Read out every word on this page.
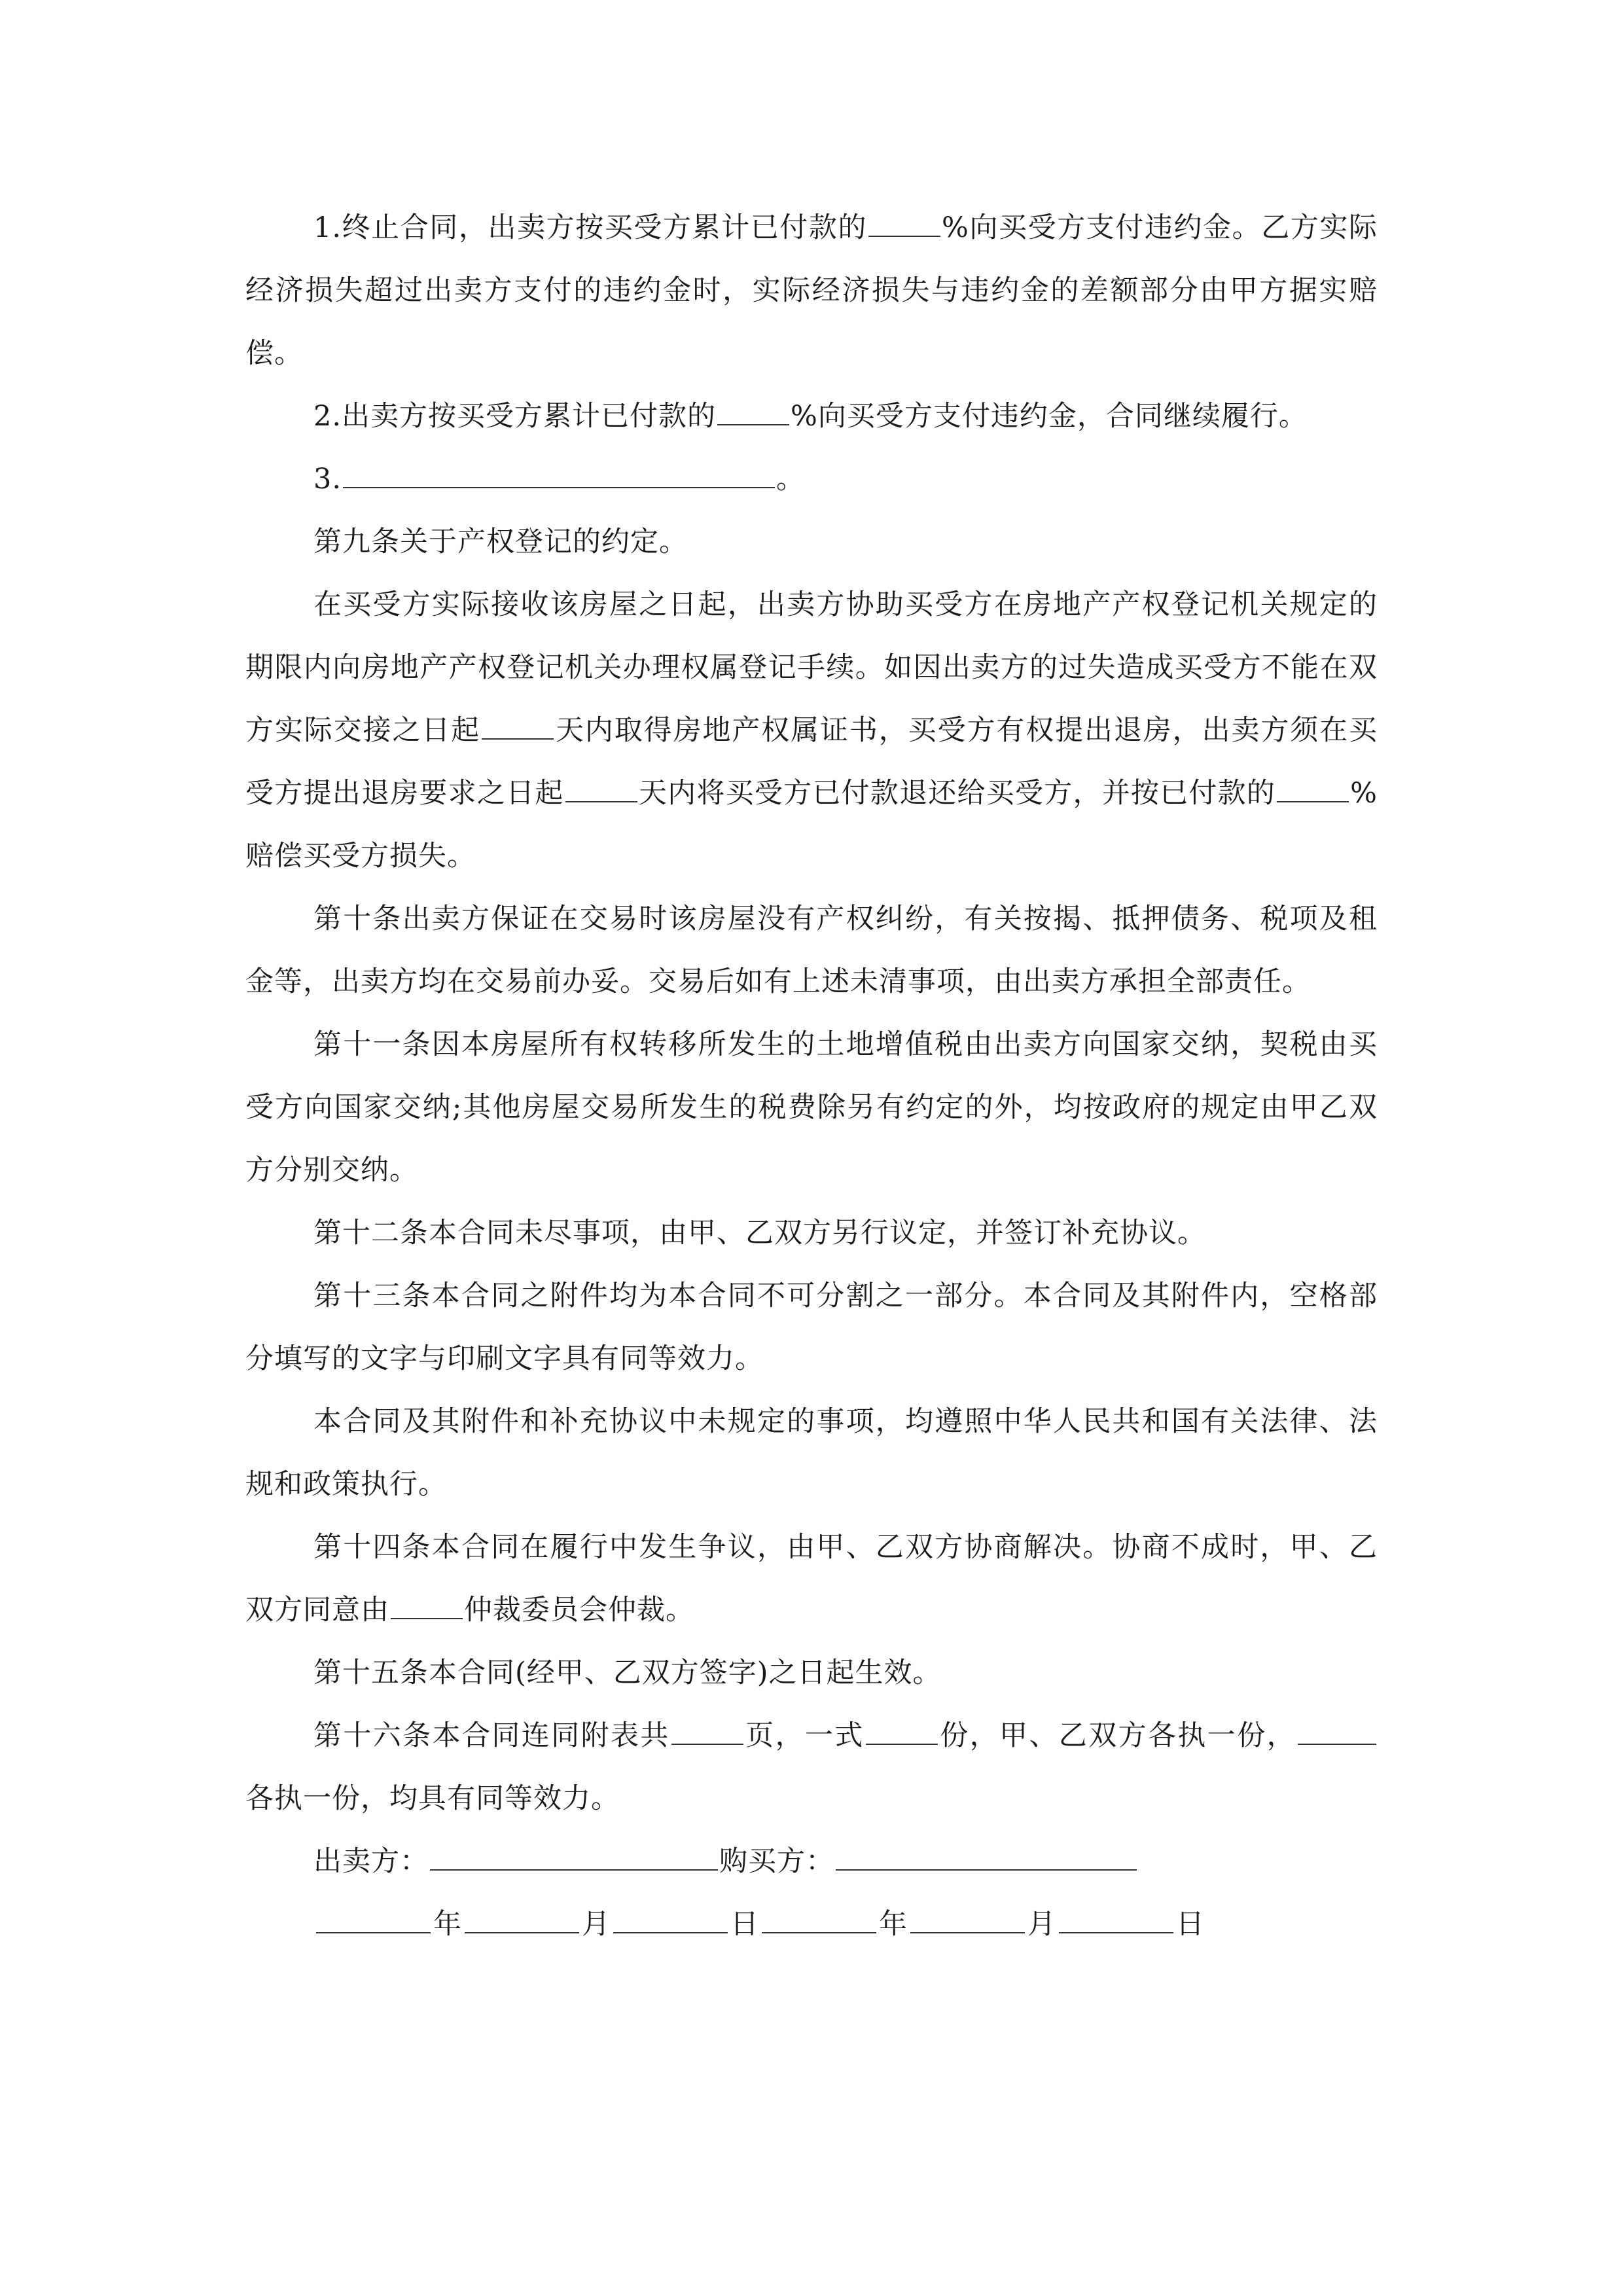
1.终止合同，出卖方按买受方累计已付款的	%向买受方支付违约金。乙方实际经济损失超过出卖方支付的违约金时，实际经济损失与违约金的差额部分由甲方据实赔偿。

2.出卖方按买受方累计已付款的	%向买受方支付违约金，合同继续履行。

3.	。

第九条关于产权登记的约定。

在买受方实际接收该房屋之日起，出卖方协助买受方在房地产产权登记机关规定的期限内向房地产产权登记机关办理权属登记手续。如因出卖方的过失造成买受方不能在双方实际交接之日起	天内取得房地产权属证书，买受方有权提出退房，出卖方须在买受方提出退房要求之日起	天内将买受方已付款退还给买受方，并按已付款的	%赔偿买受方损失。

第十条出卖方保证在交易时该房屋没有产权纠纷，有关按揭、抵押债务、税项及租金等，出卖方均在交易前办妥。交易后如有上述未清事项，由出卖方承担全部责任。

第十一条因本房屋所有权转移所发生的土地增值税由出卖方向国家交纳，契税由买受方向国家交纳;其他房屋交易所发生的税费除另有约定的外，均按政府的规定由甲乙双方分别交纳。

第十二条本合同未尽事项，由甲、乙双方另行议定，并签订补充协议。

第十三条本合同之附件均为本合同不可分割之一部分。本合同及其附件内，空格部分填写的文字与印刷文字具有同等效力。

本合同及其附件和补充协议中未规定的事项，均遵照中华人民共和国有关法律、法规和政策执行。

第十四条本合同在履行中发生争议，由甲、乙双方协商解决。协商不成时，甲、乙双方同意由	仲裁委员会仲裁。

第十五条本合同(经甲、乙双方签字)之日起生效。

第十六条本合同连同附表共	页，一式	份，甲、乙双方各执一份，各执一份，均具有同等效力。

出卖方：	购买方：

年	月	日	年	月	日
